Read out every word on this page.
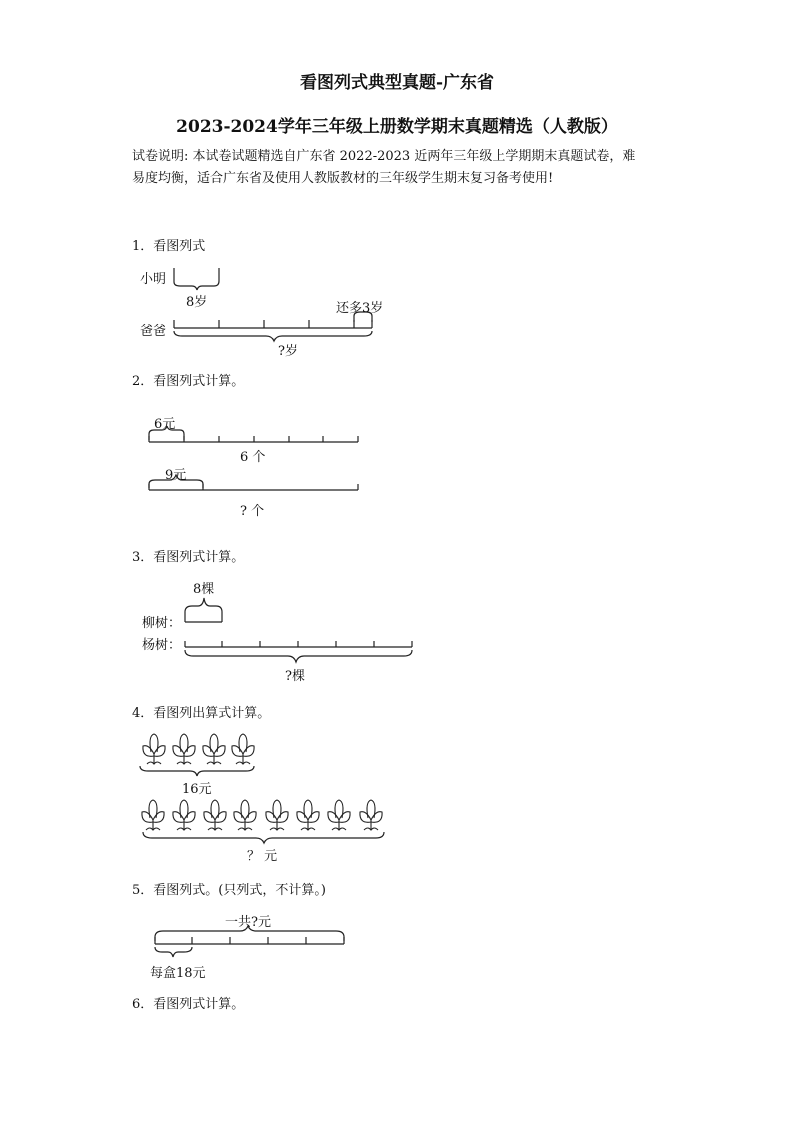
看图列式典型真题-广东省
2023-2024学年三年级上册数学期末真题精选（人教版）
试卷说明: 本试卷试题精选自广东省 2022-2023 近两年三年级上学期期末真题试卷，难
易度均衡，适合广东省及使用人教版教材的三年级学生期末复习备考使用!
1．看图列式
小明
8岁	还多3岁
爸爸
?岁
2．看图列式计算。
6元
6 个
9元
? 个
3．看图列式计算。
8棵
柳树：
杨树：
?棵
4．看图列出算式计算。
16元
？ 元
5．看图列式。(只列式，不计算。)
一共?元
每盒18元
6．看图列式计算。
